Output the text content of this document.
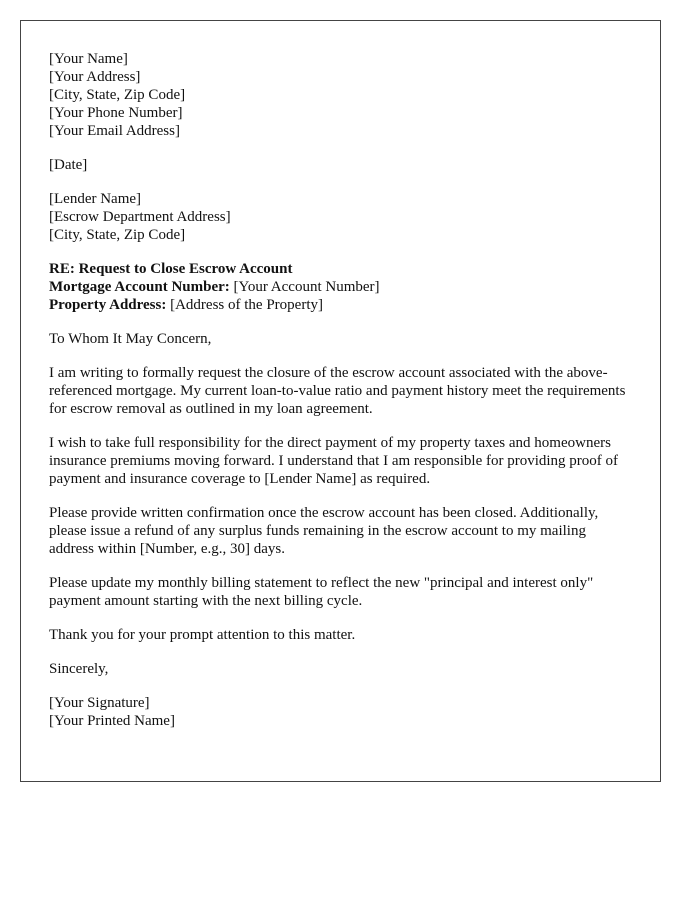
[Your Name]
[Your Address]
[City, State, Zip Code]
[Your Phone Number]
[Your Email Address]

[Date]

[Lender Name]
[Escrow Department Address]
[City, State, Zip Code]

RE: Request to Close Escrow Account
Mortgage Account Number: [Your Account Number]
Property Address: [Address of the Property]

To Whom It May Concern,

I am writing to formally request the closure of the escrow account associated with the above-referenced mortgage. My current loan-to-value ratio and payment history meet the requirements for escrow removal as outlined in my loan agreement.

I wish to take full responsibility for the direct payment of my property taxes and homeowners insurance premiums moving forward. I understand that I am responsible for providing proof of payment and insurance coverage to [Lender Name] as required.

Please provide written confirmation once the escrow account has been closed. Additionally, please issue a refund of any surplus funds remaining in the escrow account to my mailing address within [Number, e.g., 30] days.

Please update my monthly billing statement to reflect the new "principal and interest only" payment amount starting with the next billing cycle.

Thank you for your prompt attention to this matter.

Sincerely,

[Your Signature]
[Your Printed Name]
